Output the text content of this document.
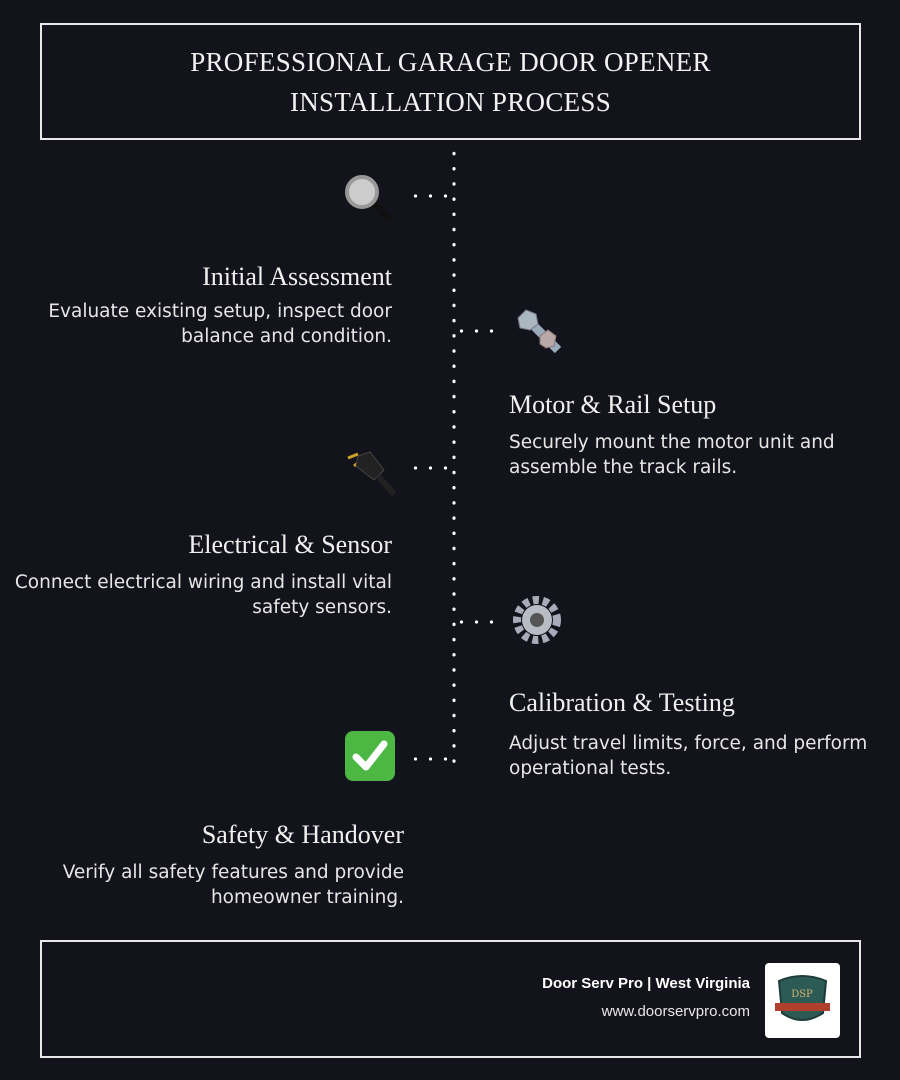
PROFESSIONAL GARAGE DOOR OPENER INSTALLATION PROCESS
Initial Assessment
Evaluate existing setup, inspect door balance and condition.
Motor & Rail Setup
Securely mount the motor unit and assemble the track rails.
Electrical & Sensor
Connect electrical wiring and install vital safety sensors.
Calibration & Testing
Adjust travel limits, force, and perform operational tests.
Safety & Handover
Verify all safety features and provide homeowner training.
Door Serv Pro | West Virginia
www.doorservpro.com
DSP
